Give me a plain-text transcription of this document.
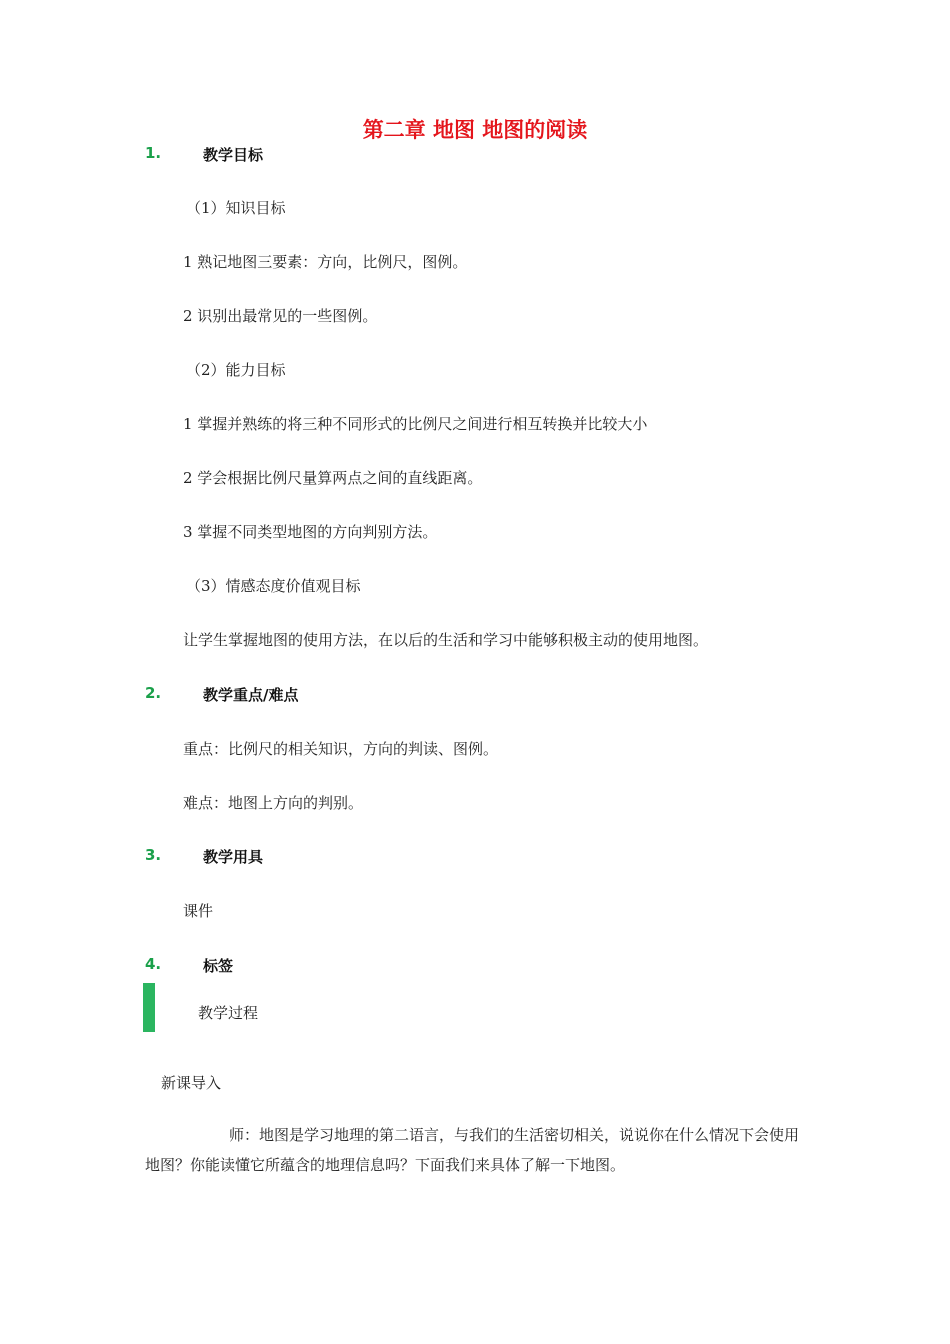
第二章 地图 地图的阅读
1.	教学目标
（1）知识目标
1 熟记地图三要素：方向，比例尺，图例。
2 识别出最常见的一些图例。
（2）能力目标
1 掌握并熟练的将三种不同形式的比例尺之间进行相互转换并比较大小
2 学会根据比例尺量算两点之间的直线距离。
3 掌握不同类型地图的方向判别方法。
（3）情感态度价值观目标
让学生掌握地图的使用方法，在以后的生活和学习中能够积极主动的使用地图。
2.	教学重点/难点
重点：比例尺的相关知识，方向的判读、图例。
难点：地图上方向的判别。
3.	教学用具
课件
4.	标签
教学过程
新课导入
师：地图是学习地理的第二语言，与我们的生活密切相关，说说你在什么情况下会使用地图？你能读懂它所蕴含的地理信息吗？下面我们来具体了解一下地图。
